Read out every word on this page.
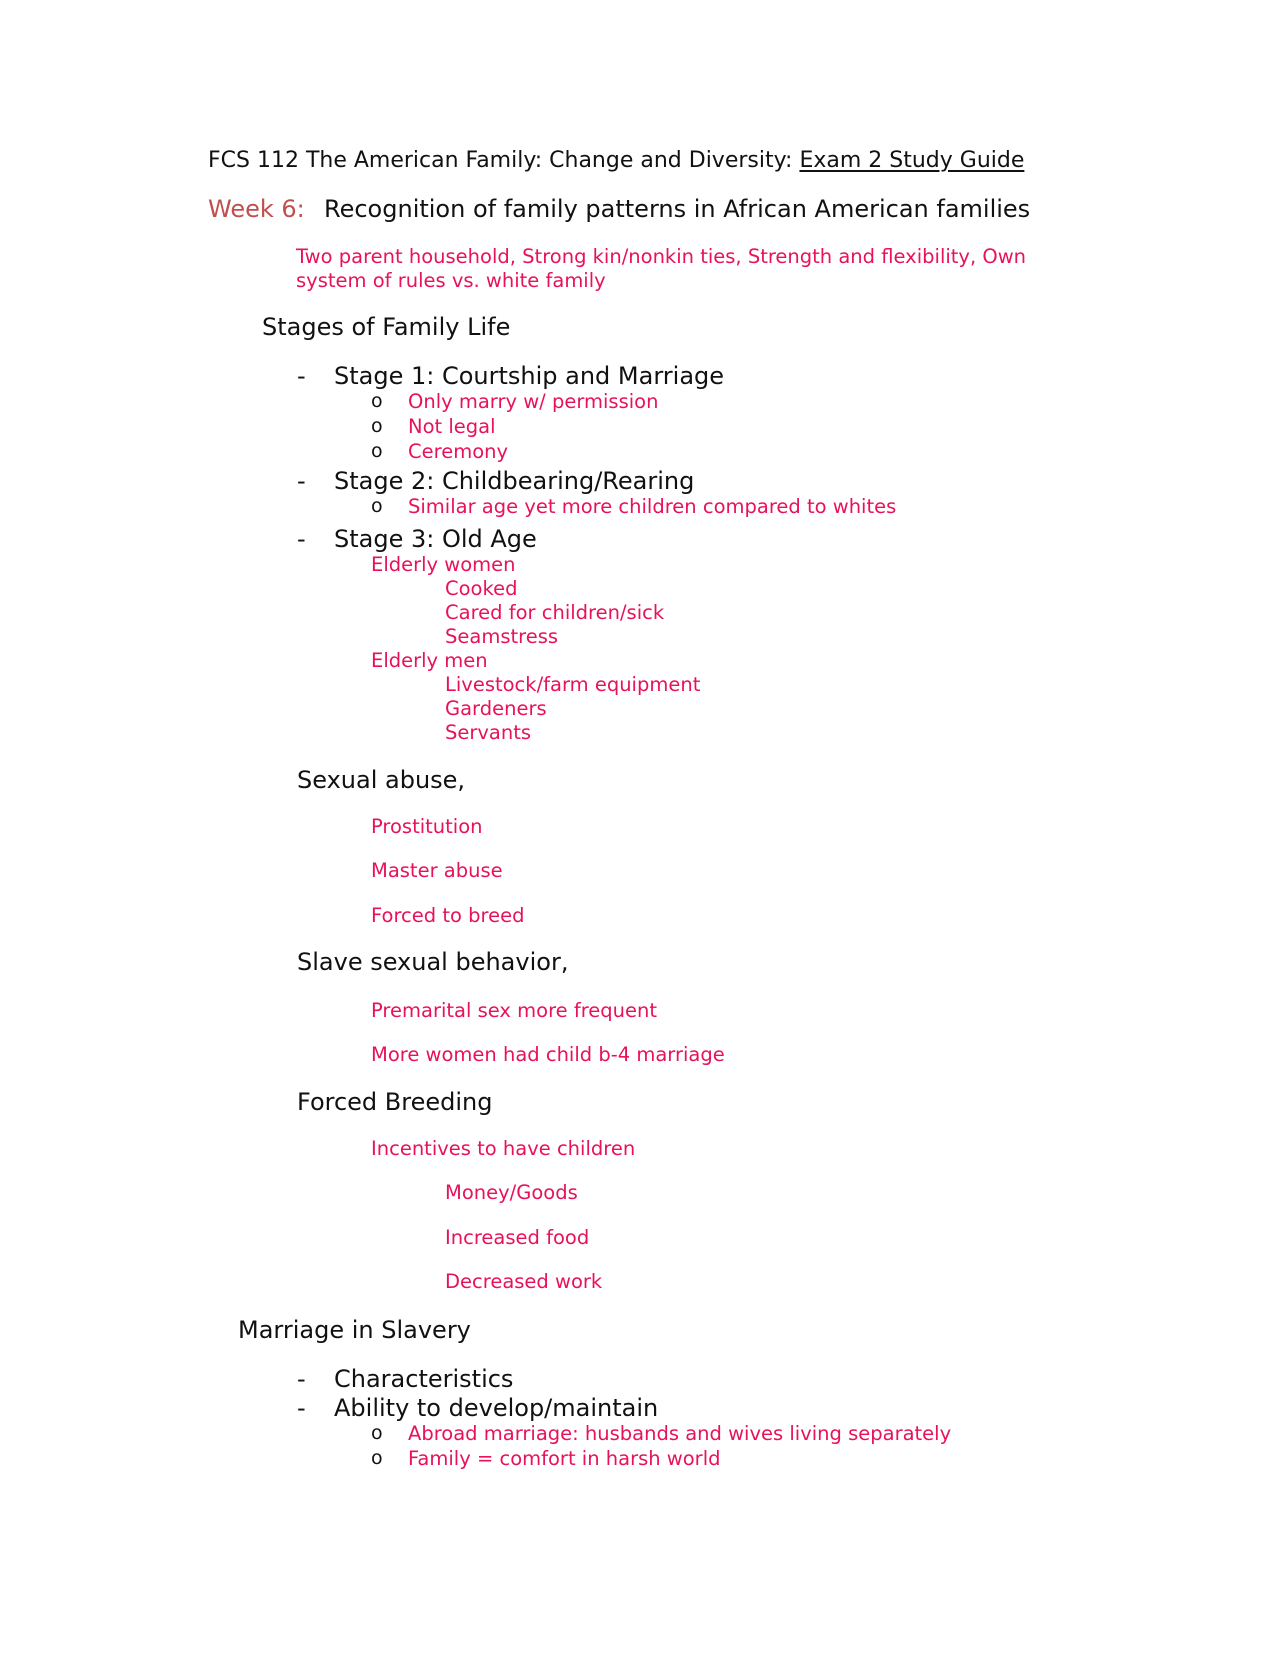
FCS 112 The American Family: Change and Diversity: Exam 2 Study Guide
Week 6: Recognition of family patterns in African American families
Two parent household, Strong kin/nonkin ties, Strength and flexibility, Own
system of rules vs. white family
Stages of Family Life
- Stage 1: Courtship and Marriage
o Only marry w/ permission
o Not legal
o Ceremony
- Stage 2: Childbearing/Rearing
o Similar age yet more children compared to whites
- Stage 3: Old Age
Elderly women
Cooked
Cared for children/sick
Seamstress
Elderly men
Livestock/farm equipment
Gardeners
Servants
Sexual abuse,
Prostitution
Master abuse
Forced to breed
Slave sexual behavior,
Premarital sex more frequent
More women had child b-4 marriage
Forced Breeding
Incentives to have children
Money/Goods
Increased food
Decreased work
Marriage in Slavery
- Characteristics
- Ability to develop/maintain
o Abroad marriage: husbands and wives living separately
o Family = comfort in harsh world
